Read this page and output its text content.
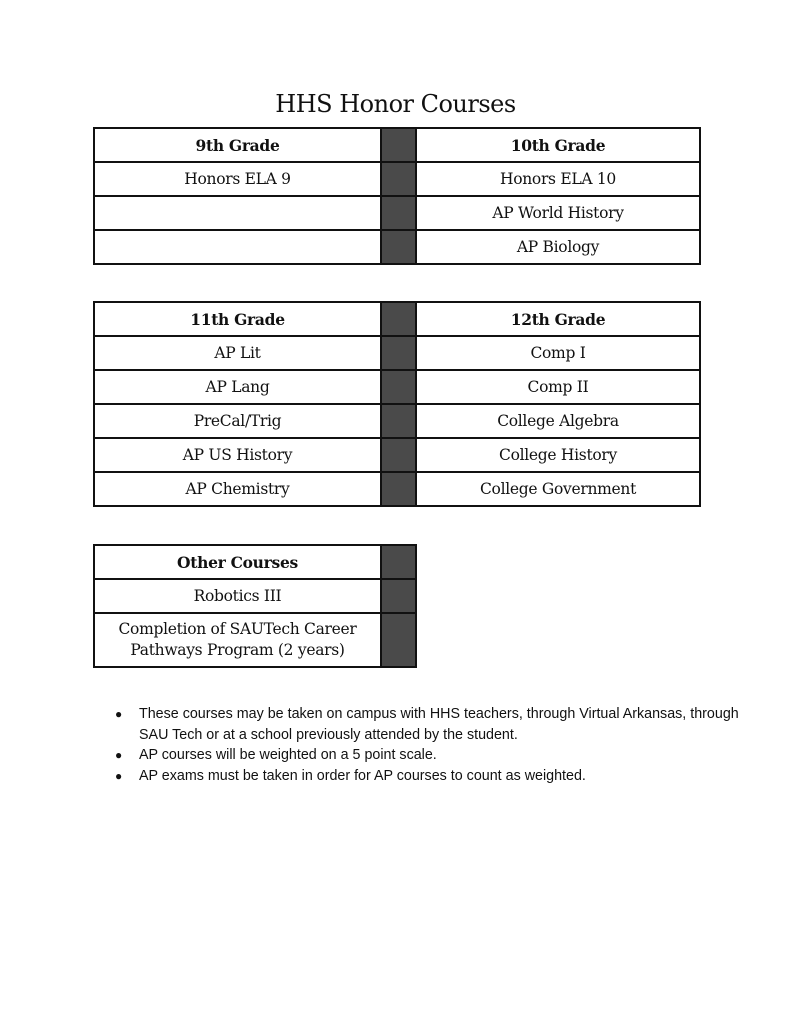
HHS Honor Courses
9th Grade		10th Grade
Honors ELA 9		Honors ELA 10
		AP World History
		AP Biology
11th Grade		12th Grade
AP Lit		Comp I
AP Lang		Comp II
PreCal/Trig		College Algebra
AP US History		College History
AP Chemistry		College Government
Other Courses	
Robotics III	
Completion of SAUTech Career Pathways Program (2 years)	
● These courses may be taken on campus with HHS teachers, through Virtual Arkansas, through SAU Tech or at a school previously attended by the student.
● AP courses will be weighted on a 5 point scale.
● AP exams must be taken in order for AP courses to count as weighted.
